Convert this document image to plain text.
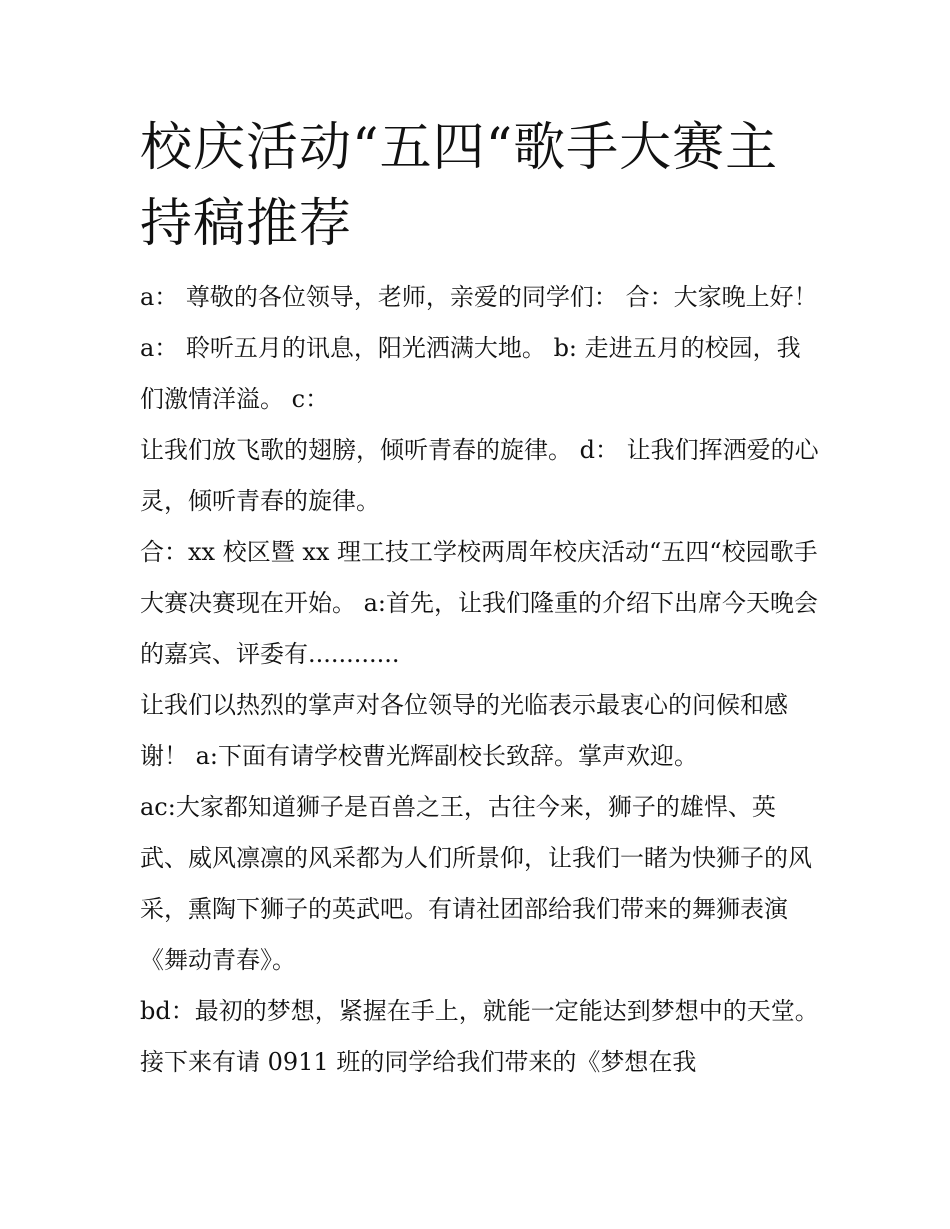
校庆活动“五四“歌手大赛主持稿推荐

a： 尊敬的各位领导，老师，亲爱的同学们： 合：大家晚上好！ a： 聆听五月的讯息，阳光洒满大地。 b: 走进五月的校园，我们激情洋溢。 c：

让我们放飞歌的翅膀，倾听青春的旋律。 d： 让我们挥洒爱的心灵，倾听青春的旋律。

合：xx 校区暨 xx 理工技工学校两周年校庆活动“五四“校园歌手大赛决赛现在开始。 a:首先，让我们隆重的介绍下出席今天晚会的嘉宾、评委有............

让我们以热烈的掌声对各位领导的光临表示最衷心的问候和感谢！ a:下面有请学校曹光辉副校长致辞。掌声欢迎。

ac:大家都知道狮子是百兽之王，古往今来，狮子的雄悍、英武、威风凛凛的风采都为人们所景仰，让我们一睹为快狮子的风采，熏陶下狮子的英武吧。有请社团部给我们带来的舞狮表演《舞动青春》。

bd：最初的梦想，紧握在手上，就能一定能达到梦想中的天堂。接下来有请 0911 班的同学给我们带来的《梦想在我
